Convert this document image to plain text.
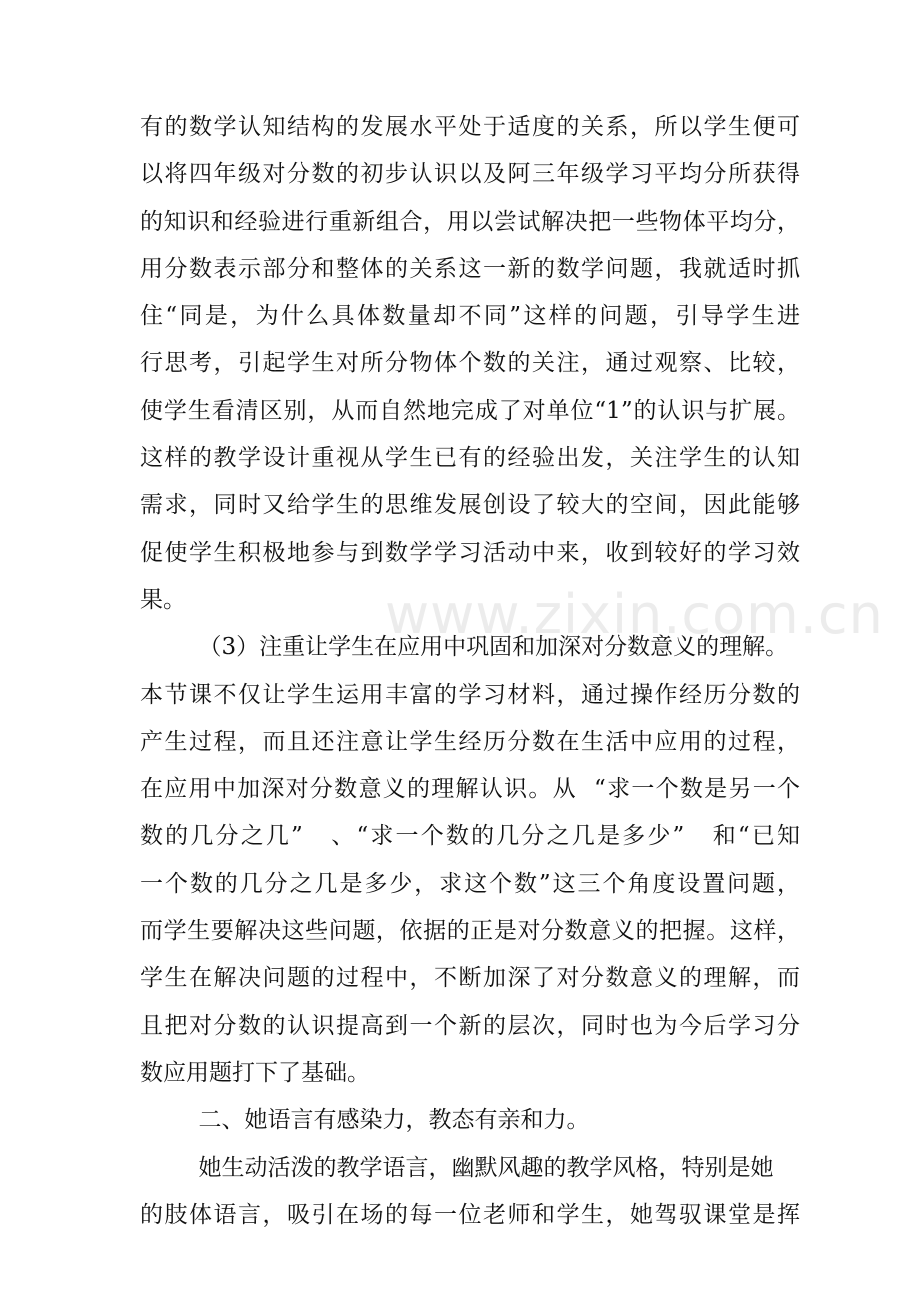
www.zixin.com.cn
有的数学认知结构的发展水平处于适度的关系，所以学生便可
以将四年级对分数的初步认识以及阿三年级学习平均分所获得
的知识和经验进行重新组合，用以尝试解决把一些物体平均分，
用分数表示部分和整体的关系这一新的数学问题，我就适时抓
住“同是，为什么具体数量却不同”这样的问题，引导学生进
行思考，引起学生对所分物体个数的关注，通过观察、比较，
使学生看清区别，从而自然地完成了对单位“1”的认识与扩展。
这样的教学设计重视从学生已有的经验出发，关注学生的认知
需求，同时又给学生的思维发展创设了较大的空间，因此能够
促使学生积极地参与到数学学习活动中来，收到较好的学习效
果。
（3）注重让学生在应用中巩固和加深对分数意义的理解。
本节课不仅让学生运用丰富的学习材料，通过操作经历分数的
产生过程，而且还注意让学生经历分数在生活中应用的过程，
在应用中加深对分数意义的理解认识。从  “求一个数是另一个
数的几分之几”   、“求一个数的几分之几是多少”   和“已知
一个数的几分之几是多少，求这个数”这三个角度设置问题，
而学生要解决这些问题，依据的正是对分数意义的把握。这样，
学生在解决问题的过程中，不断加深了对分数意义的理解，而
且把对分数的认识提高到一个新的层次，同时也为今后学习分
数应用题打下了基础。
二、她语言有感染力，教态有亲和力。
她生动活泼的教学语言，幽默风趣的教学风格，特别是她
的肢体语言，吸引在场的每一位老师和学生，她驾驭课堂是挥
